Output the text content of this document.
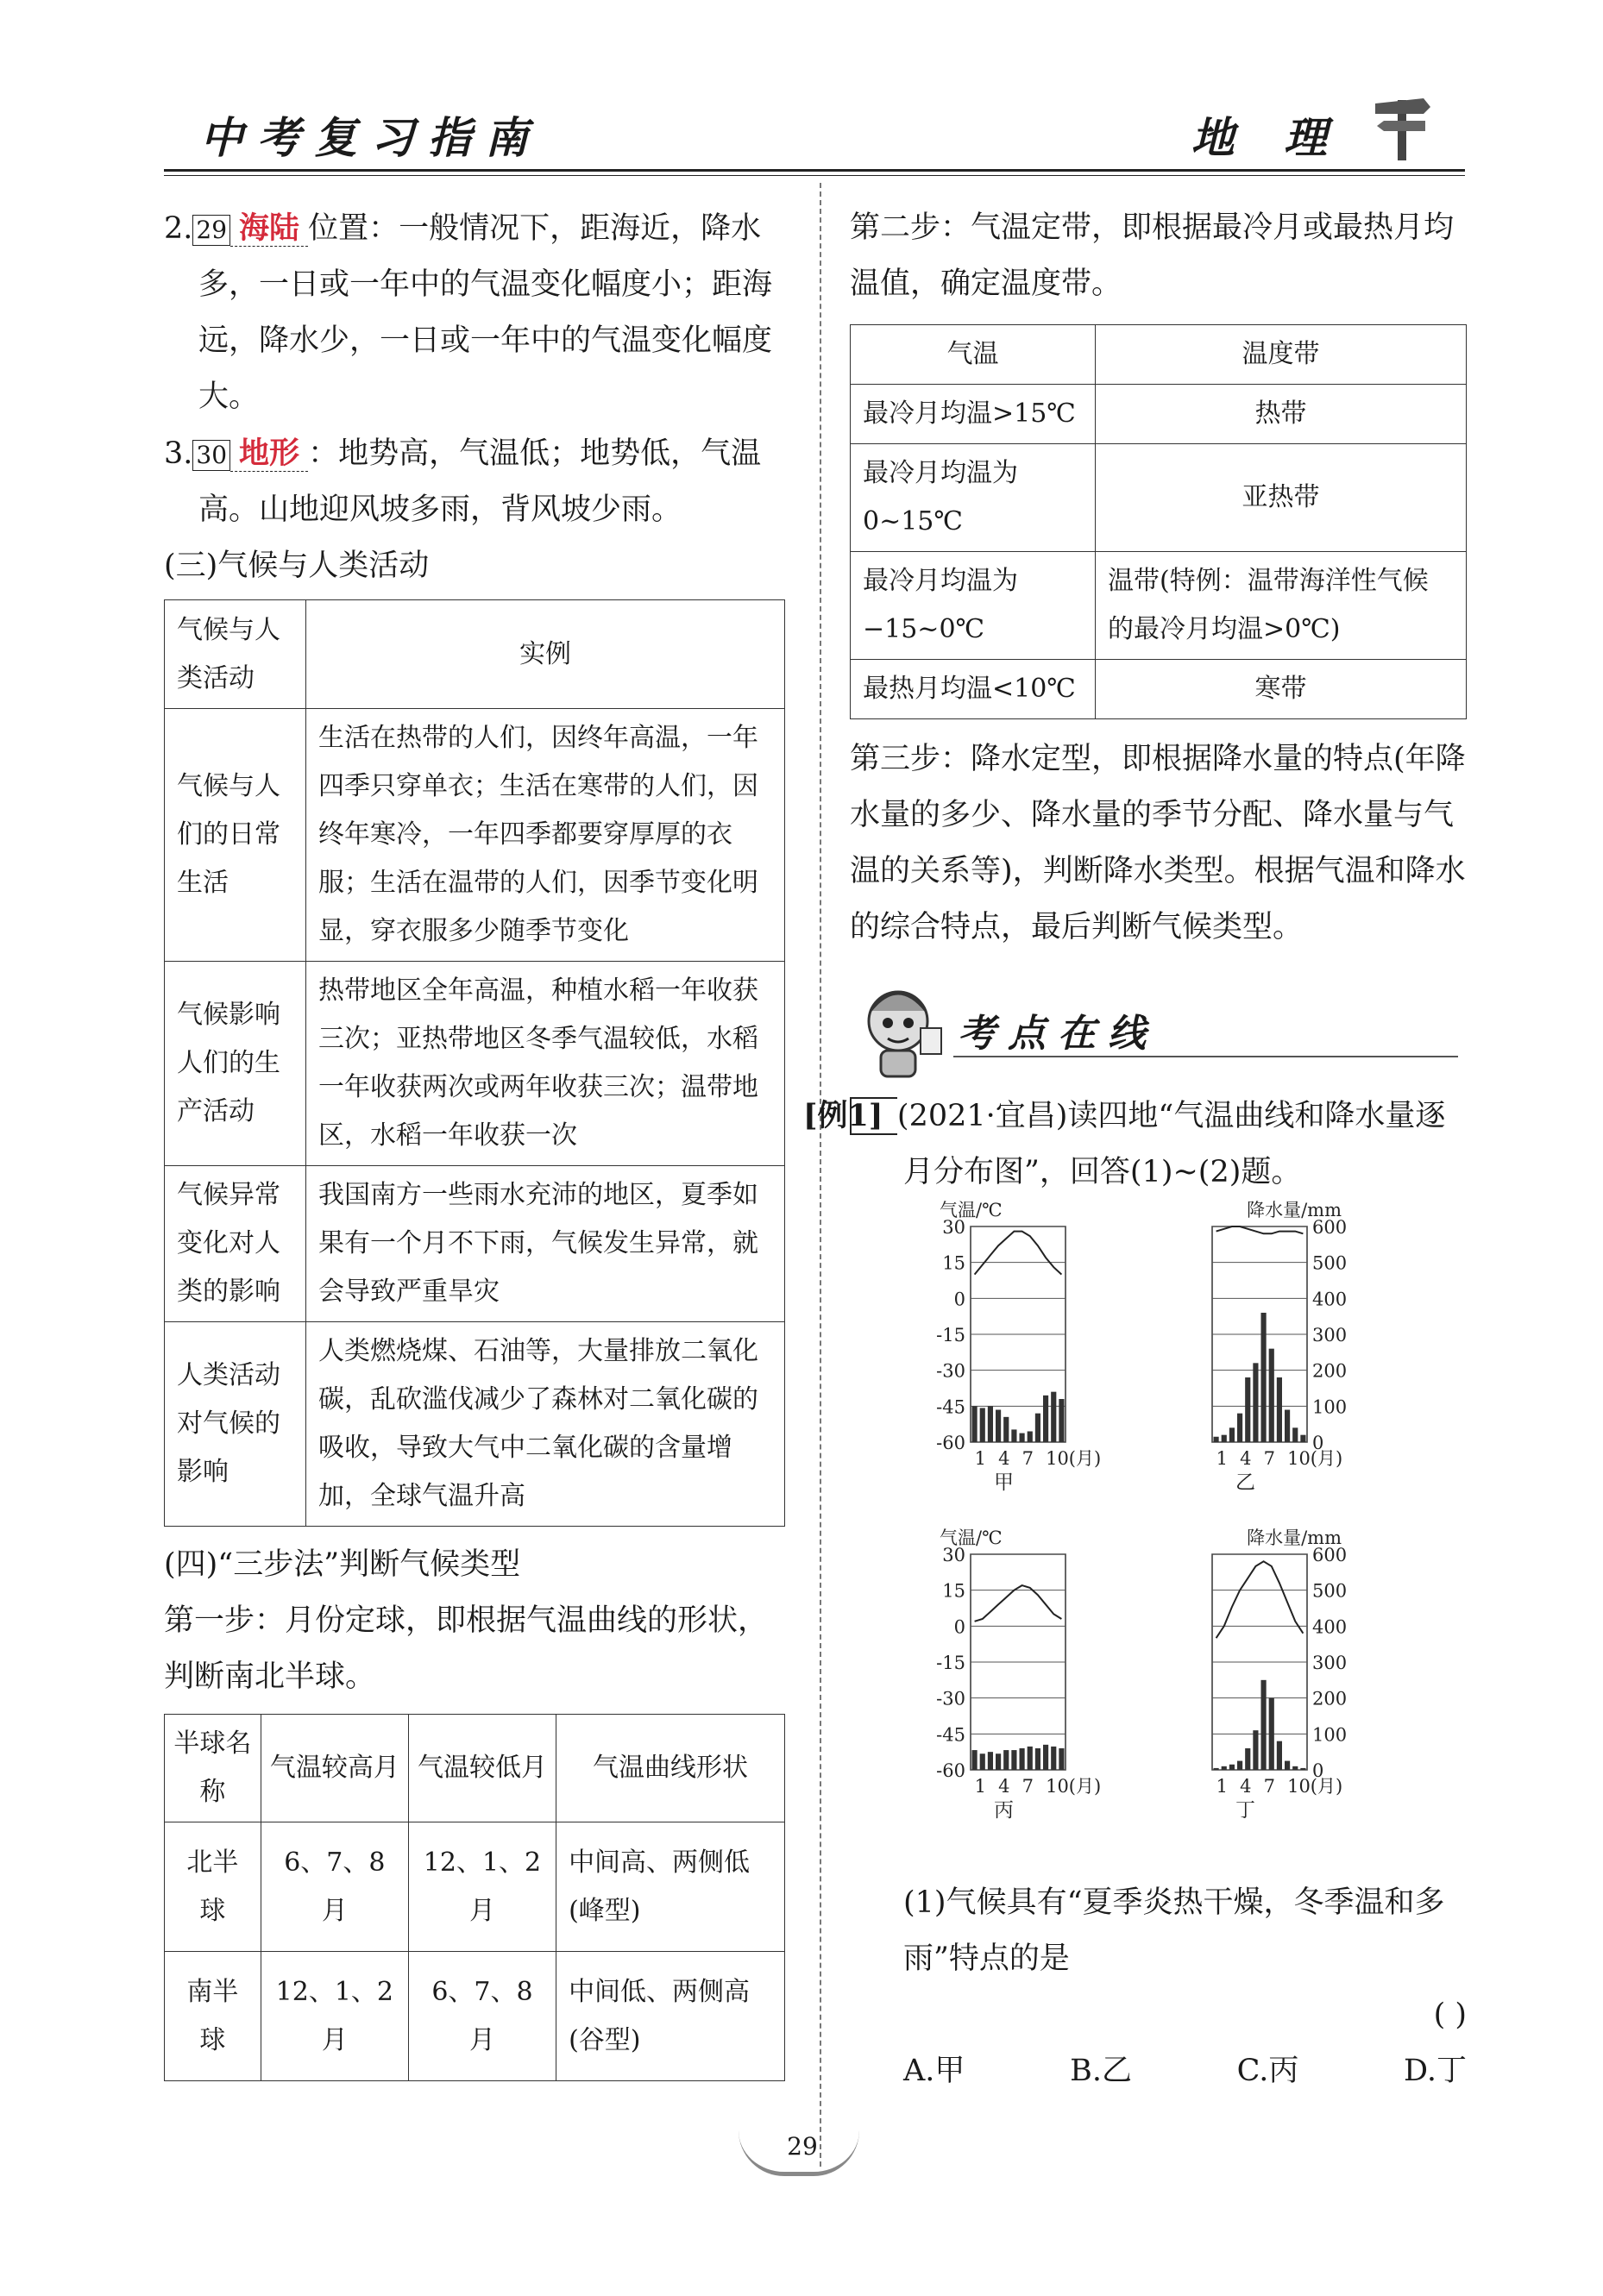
中考复习指南	地 理

2. 29 海陆 位置：一般情况下，距海近，降水多，一日或一年中的气温变化幅度小；距海远，降水少，一日或一年中的气温变化幅度大。

3. 30 地形 ：地势高，气温低；地势低，气温高。山地迎风坡多雨，背风坡少雨。

(三)气候与人类活动

气候与人类活动	实例
气候与人们的日常生活	生活在热带的人们，因终年高温，一年四季只穿单衣；生活在寒带的人们，因终年寒冷，一年四季都要穿厚厚的衣服；生活在温带的人们，因季节变化明显，穿衣服多少随季节变化
气候影响人们的生产活动	热带地区全年高温，种植水稻一年收获三次；亚热带地区冬季气温较低，水稻一年收获两次或两年收获三次；温带地区，水稻一年收获一次
气候异常变化对人类的影响	我国南方一些雨水充沛的地区，夏季如果有一个月不下雨，气候发生异常，就会导致严重旱灾
人类活动对气候的影响	人类燃烧煤、石油等，大量排放二氧化碳，乱砍滥伐减少了森林对二氧化碳的吸收，导致大气中二氧化碳的含量增加，全球气温升高

(四)“三步法”判断气候类型

第一步：月份定球，即根据气温曲线的形状，判断南北半球。

半球名称	气温较高月	气温较低月	气温曲线形状
北半球	6、7、8月	12、1、2月	中间高、两侧低(峰型)
南半球	12、1、2月	6、7、8月	中间低、两侧高(谷型)

第二步：气温定带，即根据最冷月或最热月均温值，确定温度带。

气温	温度带
最冷月均温>15℃	热带
最冷月均温为0~15℃	亚热带
最冷月均温为−15~0℃	温带(特例：温带海洋性气候的最冷月均温>0℃)
最热月均温<10℃	寒带

第三步：降水定型，即根据降水量的特点(年降水量的多少、降水量的季节分配、降水量与气温的关系等)，判断降水类型。根据气温和降水的综合特点，最后判断气候类型。

考点在线

[例1] (2021·宜昌)读四地“气温曲线和降水量逐月分布图”，回答(1)~(2)题。

30
15
0
-15
-30
-45
-60
气温/℃
1 4 7 10(月)
甲
600
500
400
300
200
100
0
降水量/mm
1 4 7 10(月)
乙
30
15
0
-15
-30
-45
-60
气温/℃
1 4 7 10(月)
丙
600
500
400
300
200
100
0
降水量/mm
1 4 7 10(月)
丁

(1)气候具有“夏季炎热干燥，冬季温和多雨”特点的是
( )

A.甲	B.乙	C.丙	D.丁
29
